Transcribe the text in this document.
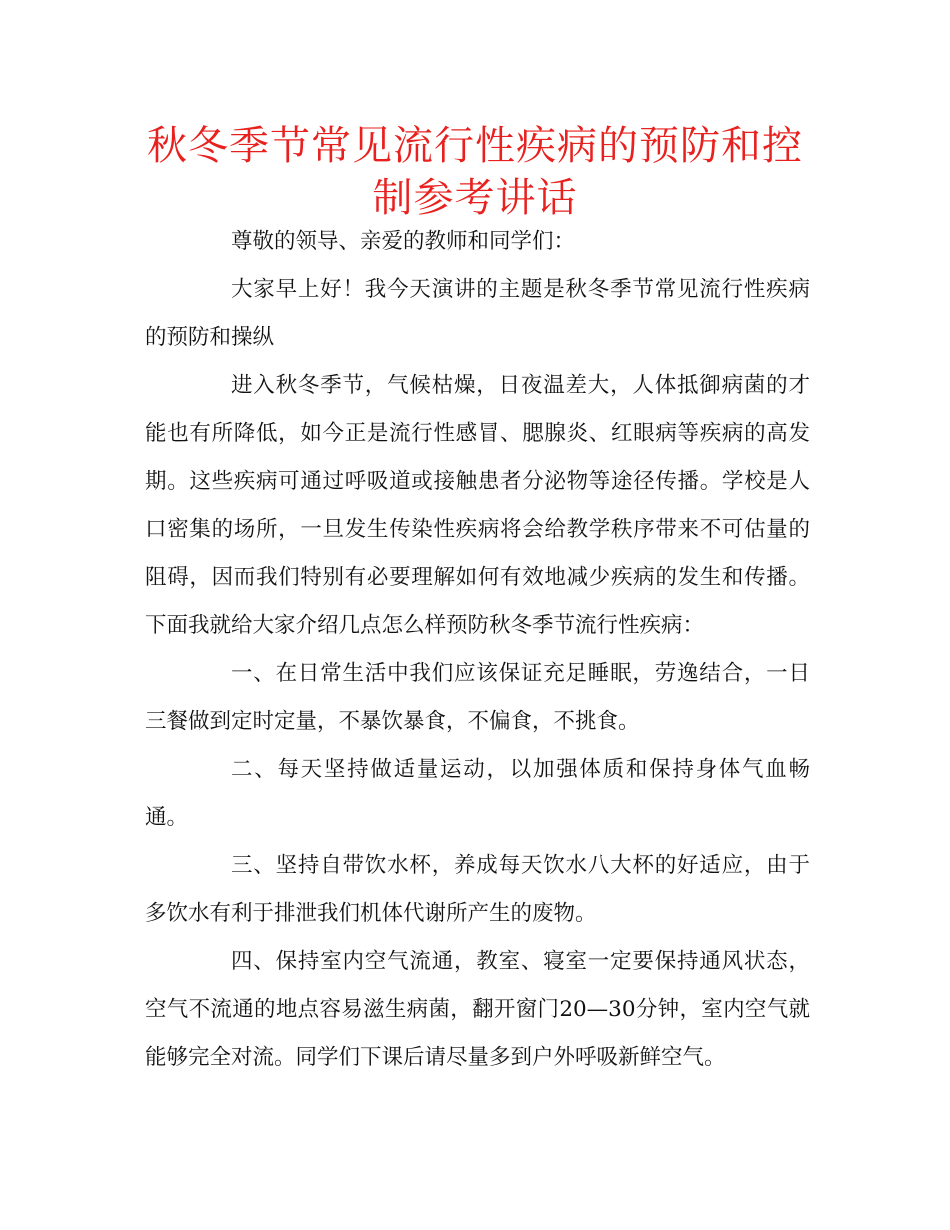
秋冬季节常见流行性疾病的预防和控制参考讲话

尊敬的领导、亲爱的教师和同学们：

大家早上好！我今天演讲的主题是秋冬季节常见流行性疾病的预防和操纵

进入秋冬季节，气候枯燥，日夜温差大，人体抵御病菌的才能也有所降低，如今正是流行性感冒、腮腺炎、红眼病等疾病的高发期。这些疾病可通过呼吸道或接触患者分泌物等途径传播。学校是人口密集的场所，一旦发生传染性疾病将会给教学秩序带来不可估量的阻碍，因而我们特别有必要理解如何有效地减少疾病的发生和传播。下面我就给大家介绍几点怎么样预防秋冬季节流行性疾病：

一、在日常生活中我们应该保证充足睡眠，劳逸结合，一日三餐做到定时定量，不暴饮暴食，不偏食，不挑食。

二、每天坚持做适量运动，以加强体质和保持身体气血畅通。

三、坚持自带饮水杯，养成每天饮水八大杯的好适应，由于多饮水有利于排泄我们机体代谢所产生的废物。

四、保持室内空气流通，教室、寝室一定要保持通风状态，空气不流通的地点容易滋生病菌，翻开窗门20—30分钟，室内空气就能够完全对流。同学们下课后请尽量多到户外呼吸新鲜空气。
